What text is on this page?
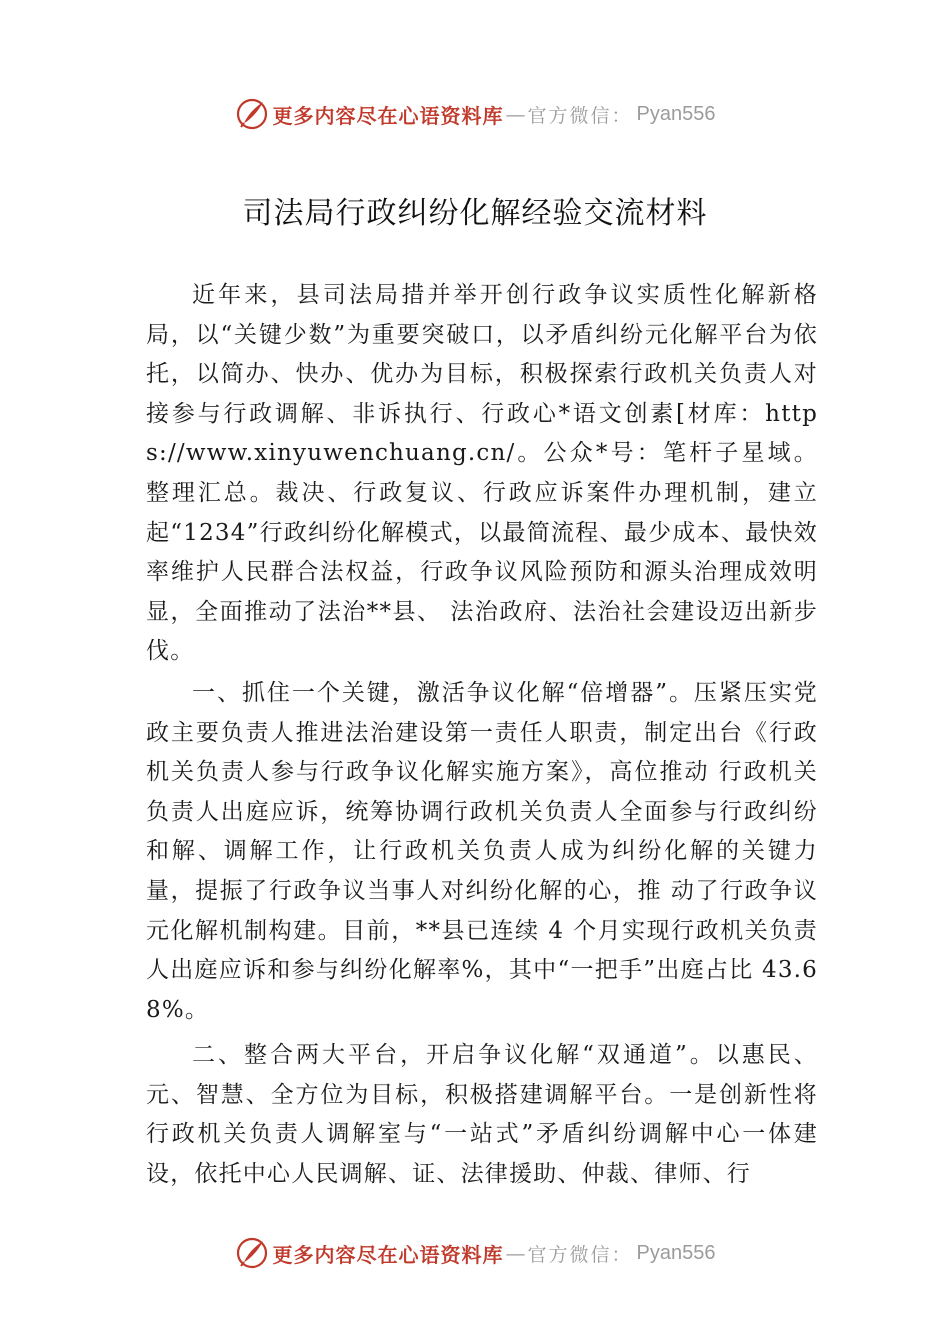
更多内容尽在心语资料库 — 官方微信： Pyan556
司法局行政纠纷化解经验交流材料

近年来，县司法局措并举开创行政争议实质性化解新格局，以“关键少数”为重要突破口，以矛盾纠纷元化解平台为依托，以简办、快办、优办为目标，积极探索行政机关负责人对接参与行政调解、非诉执行、行政心*语文创素[材库：https://www.xinyuwenchuang.cn/。公众*号：笔杆子星域。整理汇总。裁决、行政复议、行政应诉案件办理机制，建立起“1234”行政纠纷化解模式，以最简流程、最少成本、最快效率维护人民群合法权益，行政争议风险预防和源头治理成效明显，全面推动了法治**县、 法治政府、法治社会建设迈出新步伐。

一、抓住一个关键，激活争议化解“倍增器”。压紧压实党政主要负责人推进法治建设第一责任人职责，制定出台《行政机关负责人参与行政争议化解实施方案》，高位推动 行政机关负责人出庭应诉，统筹协调行政机关负责人全面参与行政纠纷和解、调解工作，让行政机关负责人成为纠纷化解的关键力量，提振了行政争议当事人对纠纷化解的心，推 动了行政争议元化解机制构建。目前，**县已连续 4 个月实现行政机关负责人出庭应诉和参与纠纷化解率%，其中“一把手”出庭占比 43.68%。

二、整合两大平台，开启争议化解“双通道”。以惠民、元、智慧、全方位为目标，积极搭建调解平台。一是创新性将行政机关负责人调解室与“一站式”矛盾纠纷调解中心一体建设，依托中心人民调解、证、法律援助、仲裁、律师、行

更多内容尽在心语资料库 — 官方微信： Pyan556
